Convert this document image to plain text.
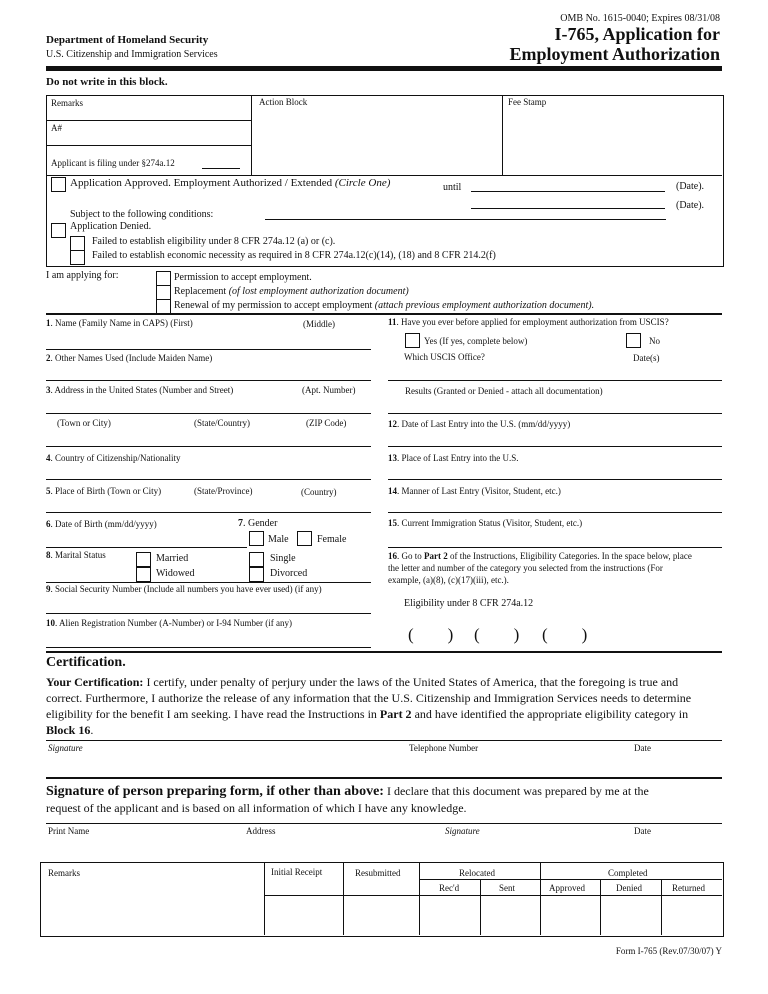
Department of Homeland Security
U.S. Citizenship and Immigration Services
OMB No. 1615-0040; Expires 08/31/08
I-765, Application for
Employment Authorization
Do not write in this block.
Remarks	Action Block	Fee Stamp
A#
Applicant is filing under §274a.12
Application Approved. Employment Authorized / Extended (Circle One)	until	(Date).
(Date).
Subject to the following conditions:
Application Denied.
Failed to establish eligibility under 8 CFR 274a.12 (a) or (c).
Failed to establish economic necessity as required in 8 CFR 274a.12(c)(14), (18) and 8 CFR 214.2(f)
I am applying for:	Permission to accept employment.
Replacement (of lost employment authorization document)
Renewal of my permission to accept employment (attach previous employment authorization document).
1. Name (Family Name in CAPS) (First)	(Middle)
2. Other Names Used (Include Maiden Name)
3. Address in the United States (Number and Street)	(Apt. Number)
(Town or City)	(State/Country)	(ZIP Code)
4. Country of Citizenship/Nationality
5. Place of Birth (Town or City)	(State/Province)	(Country)
6. Date of Birth (mm/dd/yyyy)	7. Gender
Male	Female
8. Marital Status	Married	Single
Widowed	Divorced
9. Social Security Number (Include all numbers you have ever used) (if any)
10. Alien Registration Number (A-Number) or I-94 Number (if any)
11. Have you ever before applied for employment authorization from USCIS?
Yes (If yes, complete below)	No
Which USCIS Office?	Date(s)
Results (Granted or Denied - attach all documentation)
12. Date of Last Entry into the U.S. (mm/dd/yyyy)
13. Place of Last Entry into the U.S.
14. Manner of Last Entry (Visitor, Student, etc.)
15. Current Immigration Status (Visitor, Student, etc.)
16. Go to Part 2 of the Instructions, Eligibility Categories. In the space below, place
the letter and number of the category you selected from the instructions (For
example, (a)(8), (c)(17)(iii), etc.).
Eligibility under 8 CFR 274a.12
(        ) (        ) (        )
Certification.
Your Certification: I certify, under penalty of perjury under the laws of the United States of America, that the foregoing is true and
correct. Furthermore, I authorize the release of any information that the U.S. Citizenship and Immigration Services needs to determine
eligibility for the benefit I am seeking. I have read the Instructions in Part 2 and have identified the appropriate eligibility category in
Block 16.
Signature	Telephone Number	Date
Signature of person preparing form, if other than above: I declare that this document was prepared by me at the
request of the applicant and is based on all information of which I have any knowledge.
Print Name	Address	Signature	Date
Remarks	Initial Receipt	Resubmitted	Relocated	Completed
Rec'd	Sent	Approved	Denied	Returned
Form I-765 (Rev.07/30/07) Y
